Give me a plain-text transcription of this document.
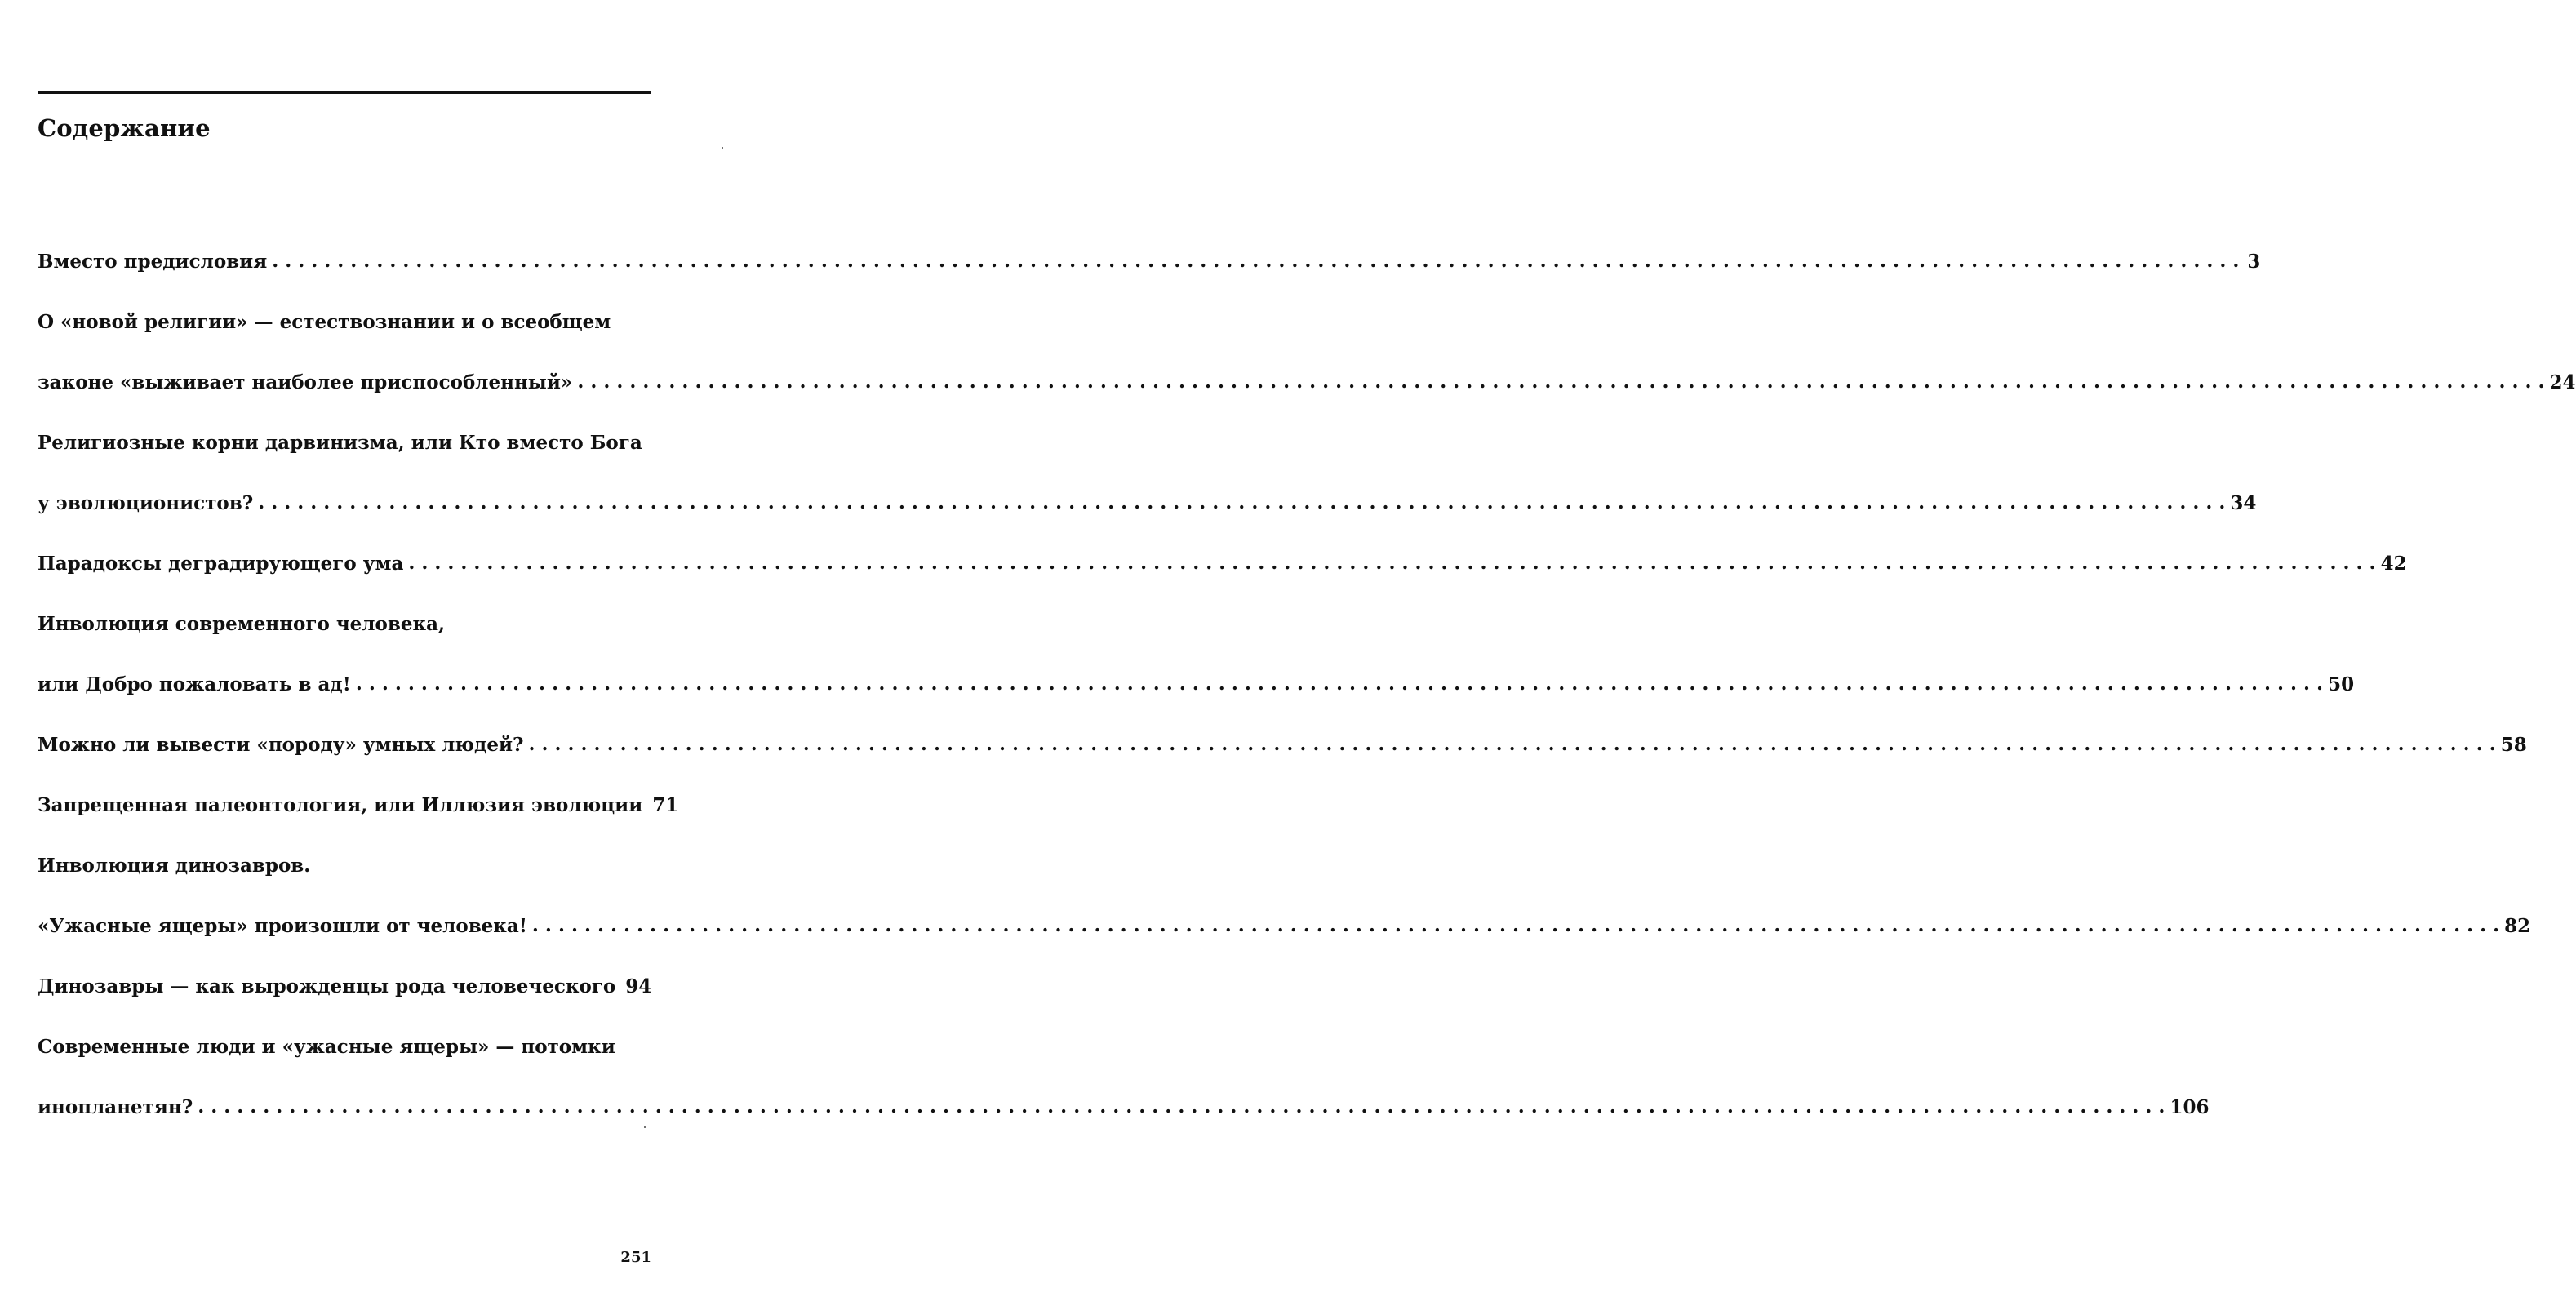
Содержание
Вместо предисловия . . .	3
О «новой религии» — естествознании и о всеобщем
законе «выживает наиболее приспособленный» . . .	24
Религиозные корни дарвинизма, или Кто вместо Бога
у эволюционистов? . . .	34
Парадоксы деградирующего ума . . .	42
Инволюция современного человека,
или Добро пожаловать в ад! . . .	50
Можно ли вывести «породу» умных людей? . . .	58
Запрещенная палеонтология, или Иллюзия эволюции 71
Инволюция динозавров.
«Ужасные ящеры» произошли от человека! . . .	82
Динозавры — как вырожденцы рода человеческого 94
Современные люди и «ужасные ящеры» — потомки
инопланетян? . . .	106
251
